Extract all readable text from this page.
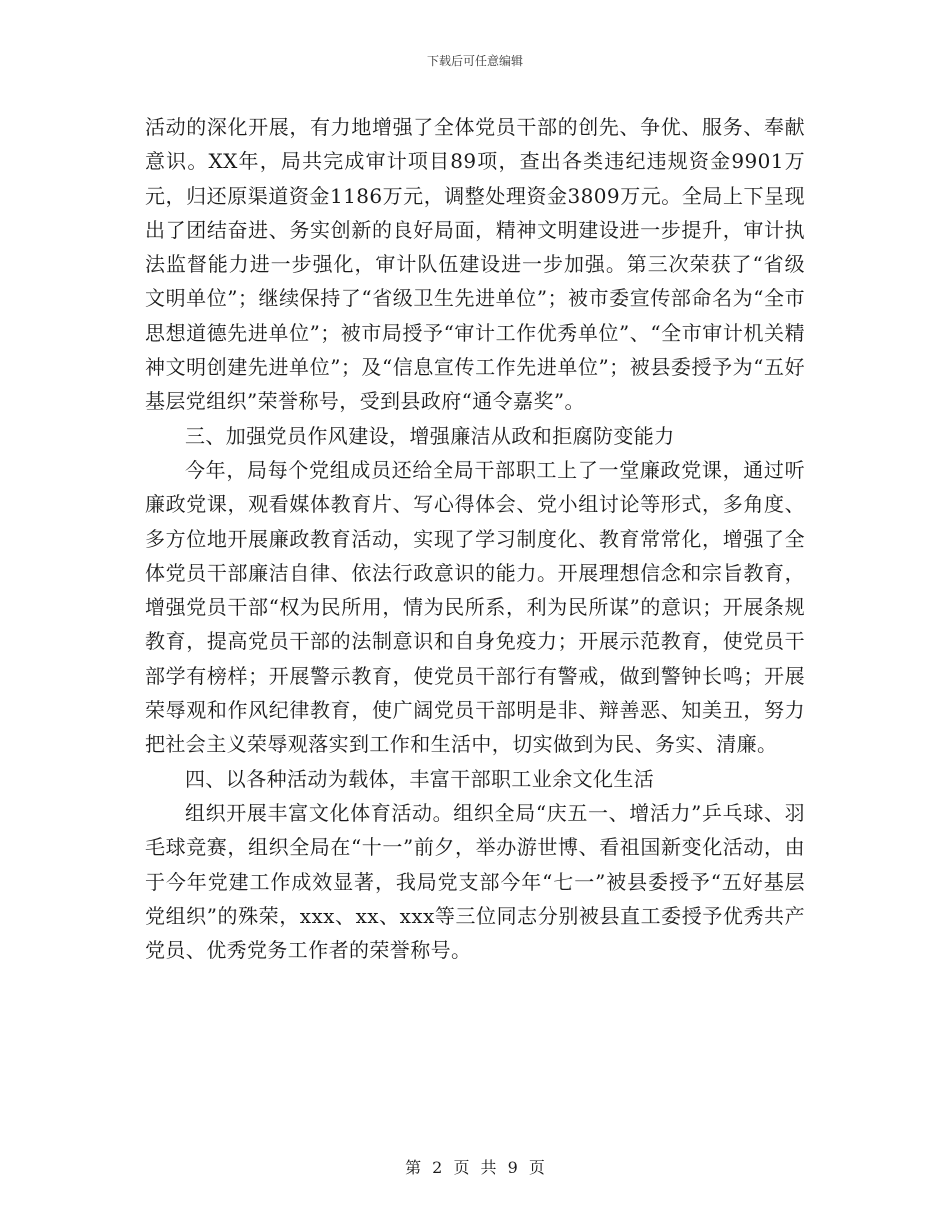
下载后可任意编辑

活动的深化开展，有力地增强了全体党员干部的创先、争优、服务、奉献意识。XX年，局共完成审计项目89项，查出各类违纪违规资金9901万元，归还原渠道资金1186万元，调整处理资金3809万元。全局上下呈现出了团结奋进、务实创新的良好局面，精神文明建设进一步提升，审计执法监督能力进一步强化，审计队伍建设进一步加强。第三次荣获了“省级文明单位”；继续保持了“省级卫生先进单位”；被市委宣传部命名为“全市思想道德先进单位”；被市局授予“审计工作优秀单位”、“全市审计机关精神文明创建先进单位”；及“信息宣传工作先进单位”；被县委授予为“五好基层党组织”荣誉称号，受到县政府“通令嘉奖”。

三、加强党员作风建设，增强廉洁从政和拒腐防变能力

今年，局每个党组成员还给全局干部职工上了一堂廉政党课，通过听廉政党课，观看媒体教育片、写心得体会、党小组讨论等形式，多角度、多方位地开展廉政教育活动，实现了学习制度化、教育常常化，增强了全体党员干部廉洁自律、依法行政意识的能力。开展理想信念和宗旨教育，增强党员干部“权为民所用，情为民所系，利为民所谋”的意识；开展条规教育，提高党员干部的法制意识和自身免疫力；开展示范教育，使党员干部学有榜样；开展警示教育，使党员干部行有警戒，做到警钟长鸣；开展荣辱观和作风纪律教育，使广阔党员干部明是非、辩善恶、知美丑，努力把社会主义荣辱观落实到工作和生活中，切实做到为民、务实、清廉。

四、以各种活动为载体，丰富干部职工业余文化生活

组织开展丰富文化体育活动。组织全局“庆五一、增活力”乒乓球、羽毛球竞赛，组织全局在“十一”前夕，举办游世博、看祖国新变化活动，由于今年党建工作成效显著，我局党支部今年“七一”被县委授予“五好基层党组织”的殊荣，xxx、xx、xxx等三位同志分别被县直工委授予优秀共产党员、优秀党务工作者的荣誉称号。

第 2 页 共 9 页
